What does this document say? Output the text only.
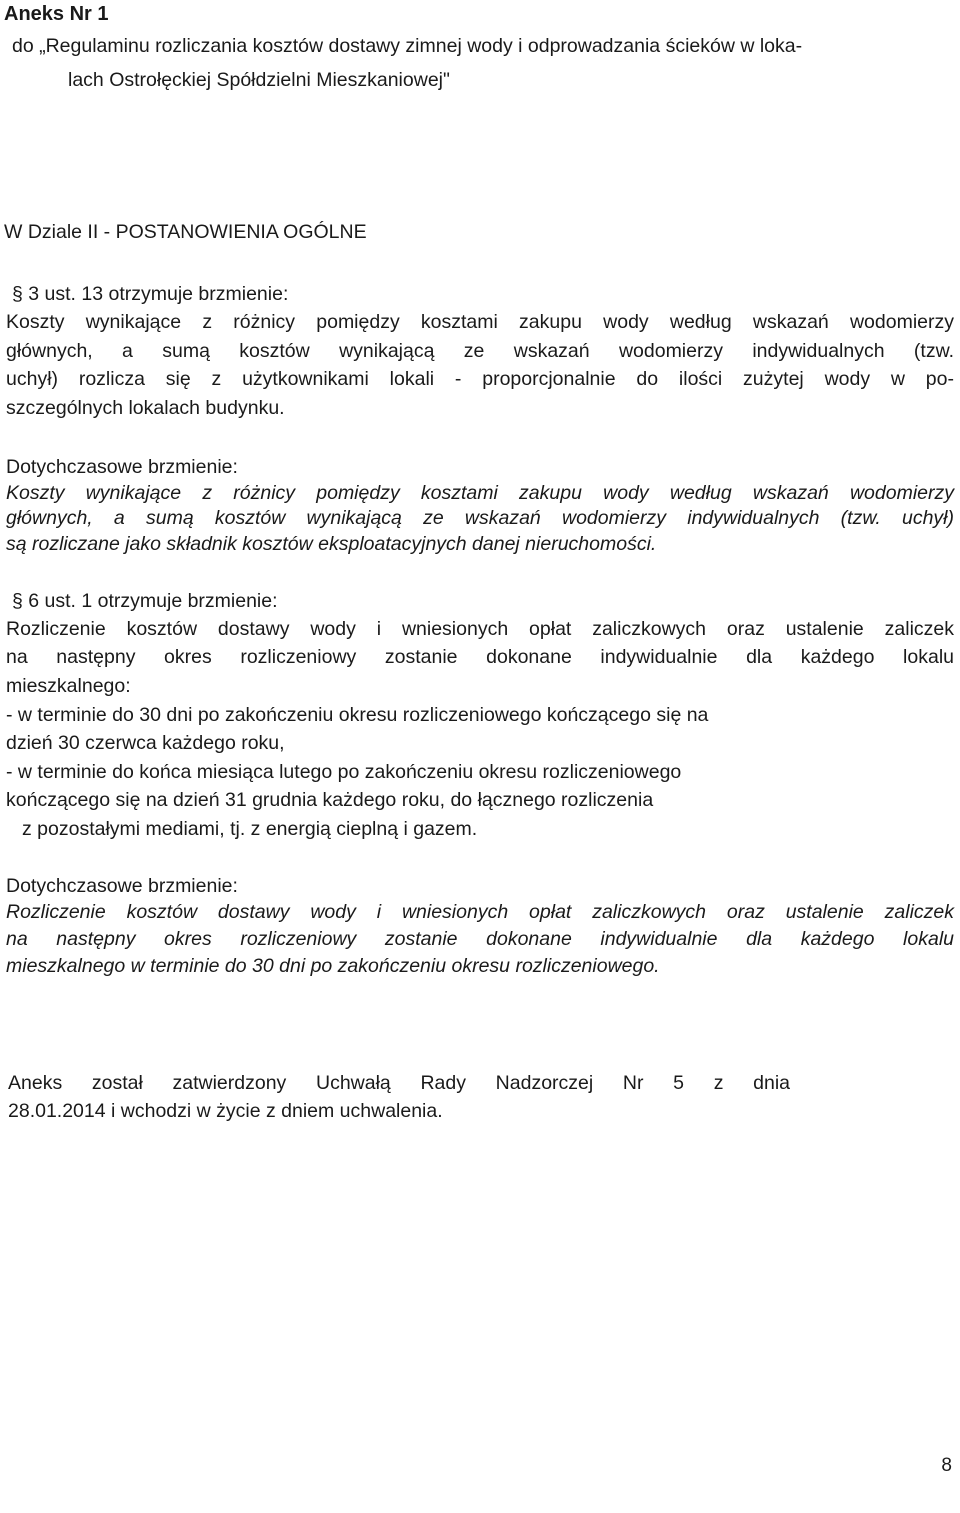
Aneks Nr 1
do „Regulaminu rozliczania kosztów dostawy zimnej wody i odprowadzania ścieków w loka-
lach Ostrołęckiej Spółdzielni Mieszkaniowej"
W Dziale II - POSTANOWIENIA OGÓLNE
§ 3 ust. 13 otrzymuje brzmienie:
Koszty wynikające z różnicy pomiędzy kosztami zakupu wody według wskazań wodomierzy
głównych, a sumą kosztów wynikającą ze wskazań wodomierzy indywidualnych (tzw.
uchył) rozlicza się z użytkownikami lokali - proporcjonalnie do ilości zużytej wody w po-
szczególnych lokalach budynku.
Dotychczasowe brzmienie:
Koszty wynikające z różnicy pomiędzy kosztami zakupu wody według wskazań wodomierzy
głównych, a sumą kosztów wynikającą ze wskazań wodomierzy indywidualnych (tzw. uchył)
są rozliczane jako składnik kosztów eksploatacyjnych danej nieruchomości.
§ 6 ust. 1 otrzymuje brzmienie:
Rozliczenie kosztów dostawy wody i wniesionych opłat zaliczkowych oraz ustalenie zaliczek
na następny okres rozliczeniowy zostanie dokonane indywidualnie dla każdego lokalu
mieszkalnego:
- w terminie do 30 dni po zakończeniu okresu rozliczeniowego kończącego się na
dzień 30 czerwca każdego roku,
- w terminie do końca miesiąca lutego po zakończeniu okresu rozliczeniowego
kończącego się na dzień 31 grudnia każdego roku, do łącznego rozliczenia
z pozostałymi mediami, tj. z energią cieplną i gazem.
Dotychczasowe brzmienie:
Rozliczenie kosztów dostawy wody i wniesionych opłat zaliczkowych oraz ustalenie zaliczek
na następny okres rozliczeniowy zostanie dokonane indywidualnie dla każdego lokalu
mieszkalnego w terminie do 30 dni po zakończeniu okresu rozliczeniowego.
Aneks został zatwierdzony Uchwałą Rady Nadzorczej Nr 5 z dnia
28.01.2014 i wchodzi w życie z dniem uchwalenia.
8
